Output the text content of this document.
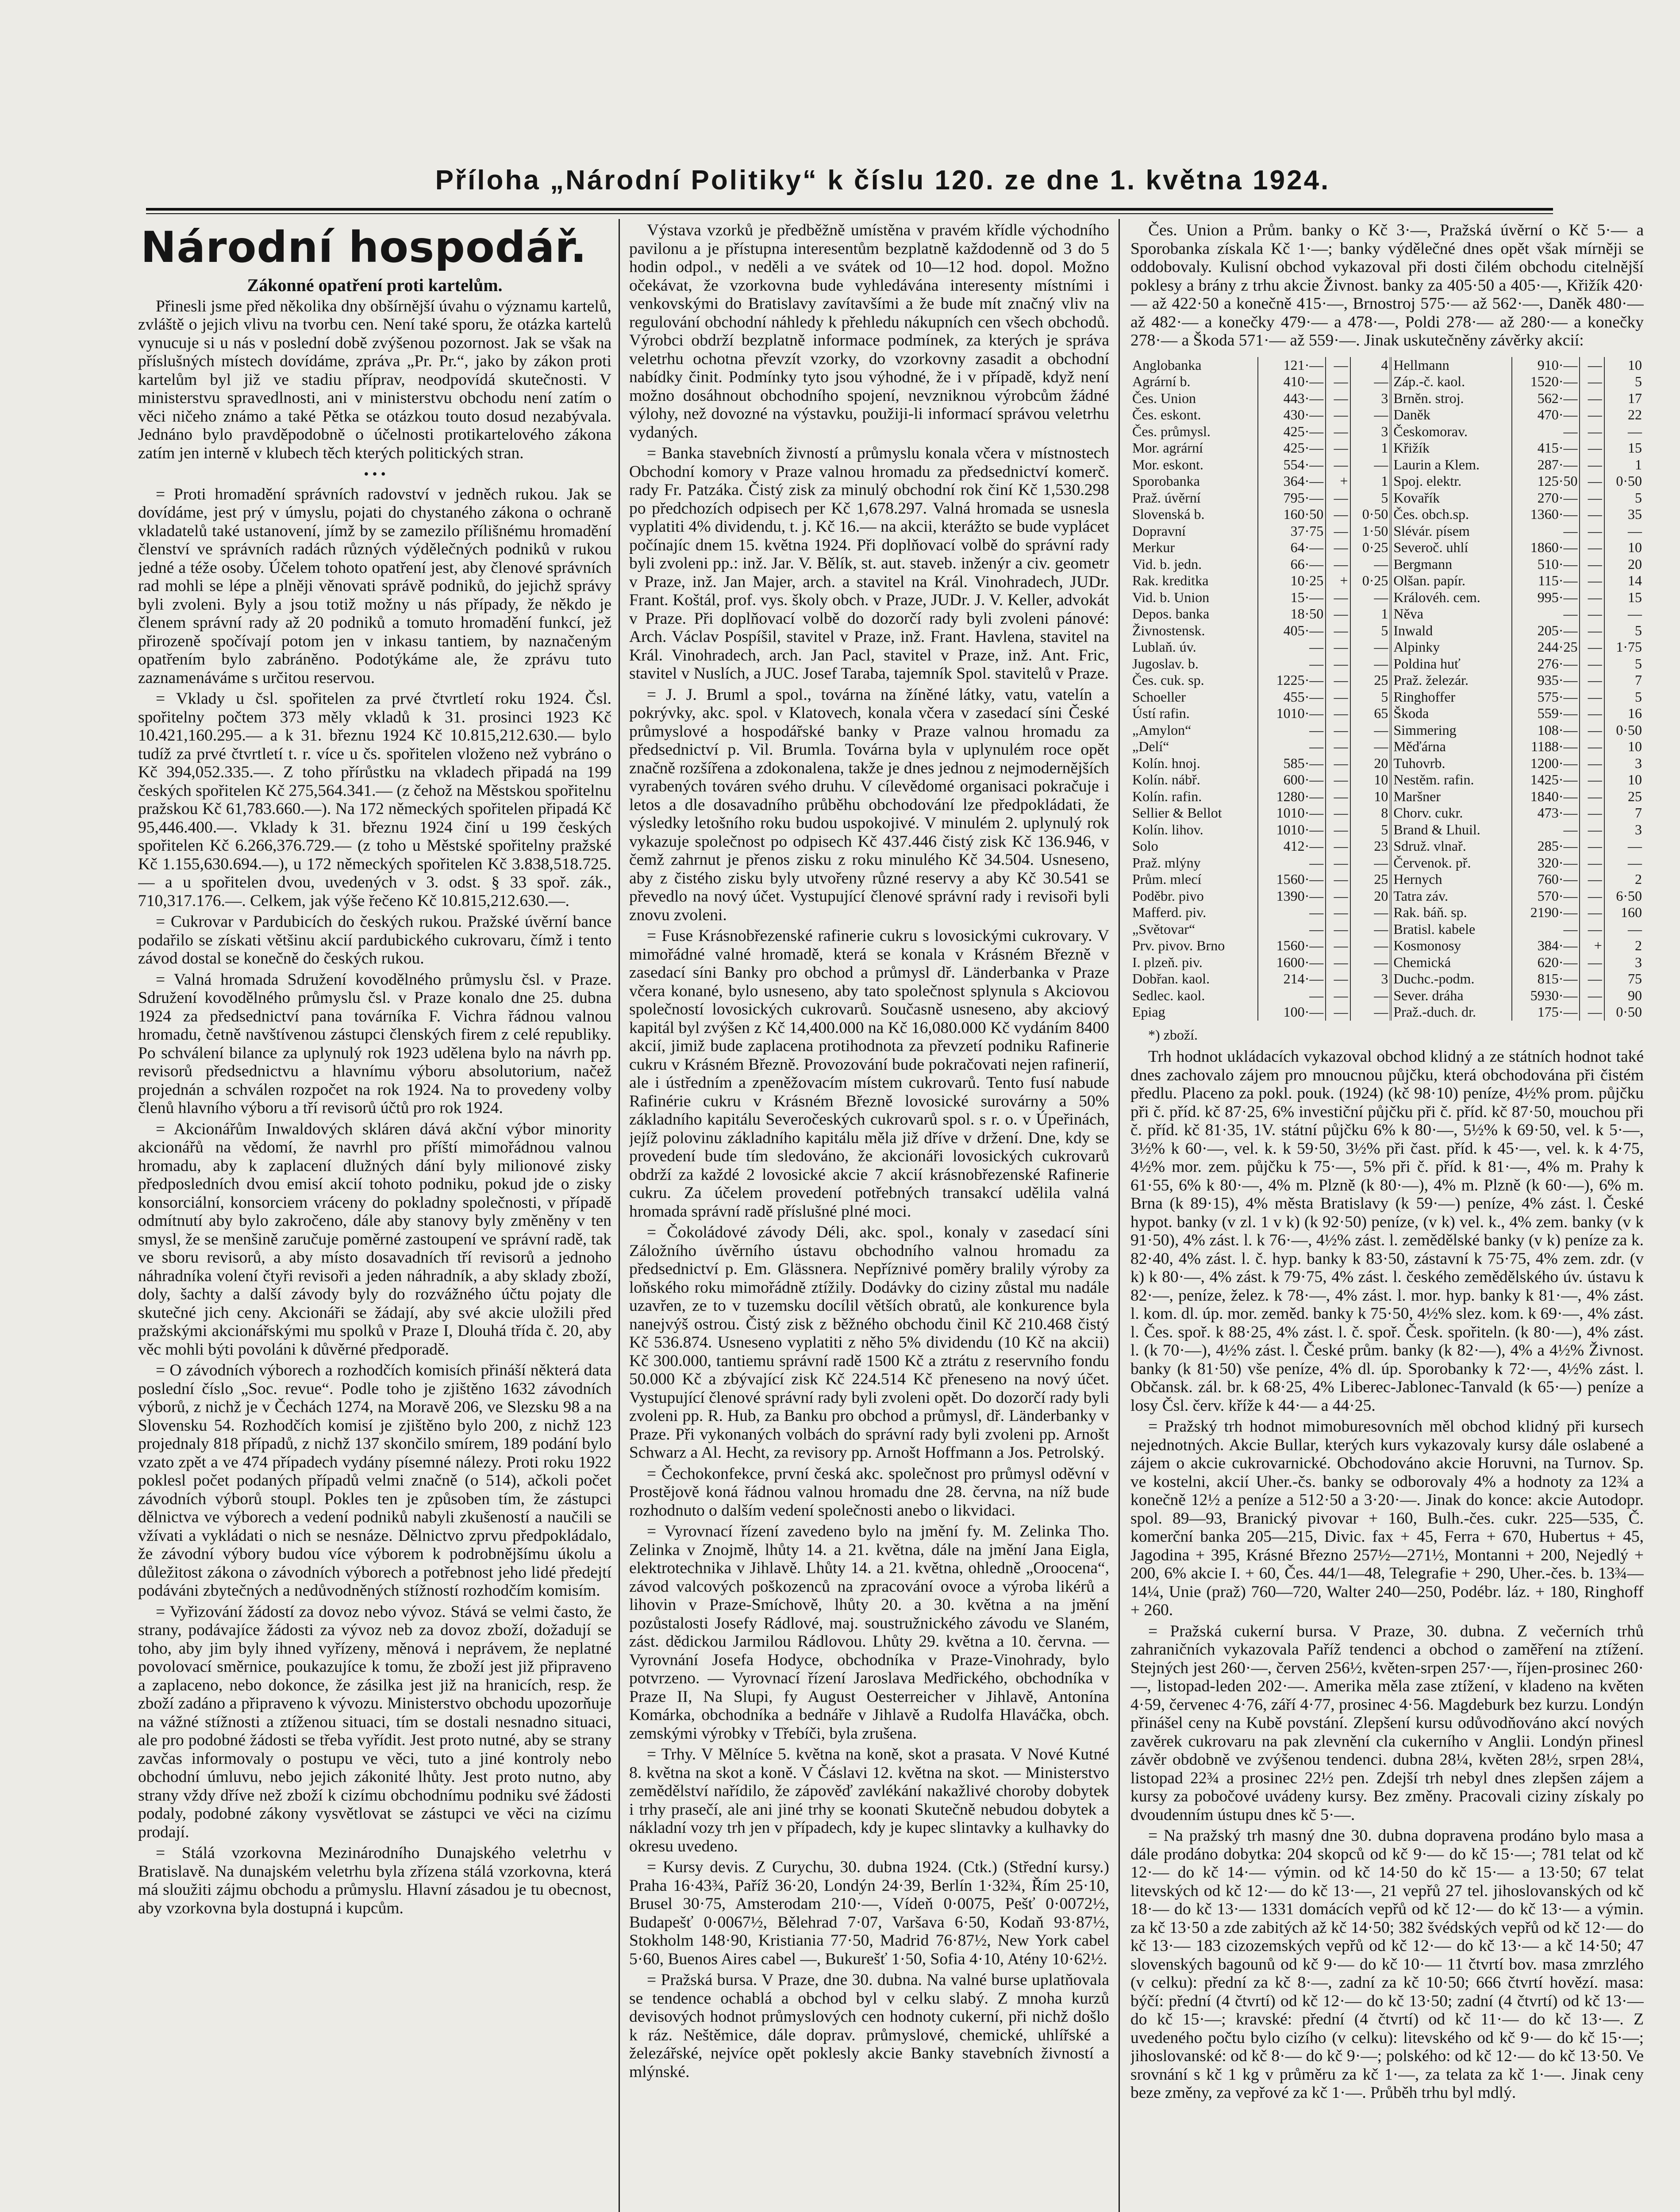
Příloha „Národní Politiky“ k číslu 120. ze dne 1. května 1924.
Národní hospodář.
Zákonné opatření proti kartelům.

Přinesli jsme před několika dny obšírnější úvahu o významu kartelů, zvláště o jejich vlivu na tvorbu cen. Není také sporu, že otázka kartelů vynucuje si u nás v poslední době zvýšenou pozornost. Jak se však na příslušných místech dovídáme, zpráva „Pr. Pr.“, jako by zákon proti kartelům byl již ve stadiu příprav, neodpovídá skutečnosti. V ministerstvu spravedlnosti, ani v ministerstvu obchodu není zatím o věci ničeho známo a také Pětka se otázkou touto dosud nezabývala. Jednáno bylo pravděpodobně o účelnosti protikartelového zákona zatím jen interně v klubech těch kterých politických stran.

• • •

= Proti hromadění správních radovství v jedněch rukou. Jak se dovídáme, jest prý v úmyslu, pojati do chystaného zákona o ochraně vkladatelů také ustanovení, jímž by se zamezilo přílišnému hromadění členství ve správních radách různých výdělečných podniků v rukou jedné a téže osoby. Účelem tohoto opatření jest, aby členové správních rad mohli se lépe a plněji věnovati správě podniků, do jejichž správy byli zvoleni. Byly a jsou totiž možny u nás případy, že někdo je členem správní rady až 20 podniků a tomuto hromadění funkcí, jež přirozeně spočívají potom jen v inkasu tantiem, by naznačeným opatřením bylo zabráněno. Podotýkáme ale, že zprávu tuto zaznamenáváme s určitou reservou.

= Vklady u čsl. spořitelen za prvé čtvrtletí roku 1924. Čsl. spořitelny počtem 373 měly vkladů k 31. prosinci 1923 Kč 10.421,160.295.— a k 31. březnu 1924 Kč 10.815,212.630.— bylo tudíž za prvé čtvrtletí t. r. více u čs. spořitelen vloženo než vybráno o Kč 394,052.335.—. Z toho přírůstku na vkladech připadá na 199 českých spořitelen Kč 275,564.341.— (z čehož na Městskou spořitelnu pražskou Kč 61,783.660.—). Na 172 německých spořitelen připadá Kč 95,446.400.—. Vklady k 31. březnu 1924 činí u 199 českých spořitelen Kč 6.266,376.729.— (z toho u Městské spořitelny pražské Kč 1.155,630.694.—), u 172 německých spořitelen Kč 3.838,518.725.— a u spořitelen dvou, uvedených v 3. odst. § 33 spoř. zák., 710,317.176.—. Celkem, jak výše řečeno Kč 10.815,212.630.—.

= Cukrovar v Pardubicích do českých rukou. Pražské úvěrní bance podařilo se získati většinu akcií pardubického cukrovaru, čímž i tento závod dostal se konečně do českých rukou.

= Valná hromada Sdružení kovodělného průmyslu čsl. v Praze. Sdružení kovodělného průmyslu čsl. v Praze konalo dne 25. dubna 1924 za předsednictví pana továrníka F. Vichra řádnou valnou hromadu, četně navštívenou zástupci členských firem z celé republiky. Po schválení bilance za uplynulý rok 1923 udělena bylo na návrh pp. revisorů předsednictvu a hlavnímu výboru absolutorium, načež projednán a schválen rozpočet na rok 1924. Na to provedeny volby členů hlavního výboru a tří revisorů účtů pro rok 1924.

= Akcionářům Inwaldových skláren dává akční výbor minority akcionářů na vědomí, že navrhl pro příští mimořádnou valnou hromadu, aby k zaplacení dlužných dání byly milionové zisky předposledních dvou emisí akcií tohoto podniku, pokud jde o zisky konsorciální, konsorciem vráceny do pokladny společnosti, v případě odmítnutí aby bylo zakročeno, dále aby stanovy byly změněny v ten smysl, že se menšině zaručuje poměrné zastoupení ve správní radě, tak ve sboru revisorů, a aby místo dosavadních tří revisorů a jednoho náhradníka volení čtyři revisoři a jeden náhradník, a aby sklady zboží, doly, šachty a další závody byly do rozvážného účtu pojaty dle skutečné jich ceny. Akcionáři se žádají, aby své akcie uložili před pražskými akcionářskými mu spolků v Praze I, Dlouhá třída č. 20, aby věc mohli býti povoláni k důvěrné předporadě.

= O závodních výborech a rozhodčích komisích přináší některá data poslední číslo „Soc. revue“. Podle toho je zjištěno 1632 závodních výborů, z nichž je v Čechách 1274, na Moravě 206, ve Slezsku 98 a na Slovensku 54. Rozhodčích komisí je zjištěno bylo 200, z nichž 123 projednaly 818 případů, z nichž 137 skončilo smírem, 189 podání bylo vzato zpět a ve 474 případech vydány písemné nálezy. Proti roku 1922 poklesl počet podaných případů velmi značně (o 514), ačkoli počet závodních výborů stoupl. Pokles ten je způsoben tím, že zástupci dělnictva ve výborech a vedení podniků nabyli zkušeností a naučili se vžívati a vykládati o nich se nesnáze. Dělnictvo zprvu předpokládalo, že závodní výbory budou více výborem k podrobnějšímu úkolu a důležitost zákona o závodních výborech a potřebnost jeho lidé předejtí podáváni zbytečných a nedůvodněných stížností rozhodčím komisím.

= Vyřizování žádostí za dovoz nebo vývoz. Stává se velmi často, že strany, podávajíce žádosti za vývoz neb za dovoz zboží, dožadují se toho, aby jim byly ihned vyřízeny, měnová i neprávem, že neplatné povolovací směrnice, poukazujíce k tomu, že zboží jest již připraveno a zaplaceno, nebo dokonce, že zásilka jest již na hranicích, resp. že zboží zadáno a připraveno k vývozu. Ministerstvo obchodu upozorňuje na vážné stížnosti a ztíženou situaci, tím se dostali nesnadno situaci, ale pro podobné žádosti se třeba vyřídit. Jest proto nutné, aby se strany zavčas informovaly o postupu ve věci, tuto a jiné kontroly nebo obchodní úmluvu, nebo jejich zákonité lhůty. Jest proto nutno, aby strany vždy dříve než zboží k cizímu obchodnímu podniku své žádosti podaly, podobné zákony vysvětlovat se zástupci ve věci na cizímu prodají.

= Stálá vzorkovna Mezinárodního Dunajského veletrhu v Bratislavě. Na dunajském veletrhu byla zřízena stálá vzorkovna, která má sloužiti zájmu obchodu a průmyslu. Hlavní zásadou je tu obecnost, aby vzorkovna byla dostupná i kupcům.

Výstava vzorků je předběžně umístěna v pravém křídle východního pavilonu a je přístupna interesentům bezplatně každodenně od 3 do 5 hodin odpol., v neděli a ve svátek od 10—12 hod. dopol. Možno očekávat, že vzorkovna bude vyhledávána interesenty místními i venkovskými do Bratislavy zavítavšími a že bude mít značný vliv na regulování obchodní náhledy k přehledu nákupních cen všech obchodů. Výrobci obdrží bezplatně informace podmínek, za kterých je správa veletrhu ochotna převzít vzorky, do vzorkovny zasadit a obchodní nabídky činit. Podmínky tyto jsou výhodné, že i v případě, když není možno dosáhnout obchodního spojení, nevzniknou výrobcům žádné výlohy, než dovozné na výstavku, použiji-li informací správou veletrhu vydaných.

= Banka stavebních živností a průmyslu konala včera v místnostech Obchodní komory v Praze valnou hromadu za předsednictví komerč. rady Fr. Patzáka. Čistý zisk za minulý obchodní rok činí Kč 1,530.298 po předchozích odpisech per Kč 1,678.297. Valná hromada se usnesla vyplatiti 4% dividendu, t. j. Kč 16.— na akcii, kterážto se bude vyplácet počínajíc dnem 15. května 1924. Při doplňovací volbě do správní rady byli zvoleni pp.: inž. Jar. V. Bělík, st. aut. staveb. inženýr a civ. geometr v Praze, inž. Jan Majer, arch. a stavitel na Král. Vinohradech, JUDr. Frant. Koštál, prof. vys. školy obch. v Praze, JUDr. J. V. Keller, advokát v Praze. Při doplňovací volbě do dozorčí rady byli zvoleni pánové: Arch. Václav Pospíšil, stavitel v Praze, inž. Frant. Havlena, stavitel na Král. Vinohradech, arch. Jan Pacl, stavitel v Praze, inž. Ant. Fric, stavitel v Nuslích, a JUC. Josef Taraba, tajemník Spol. stavitelů v Praze.

= J. J. Bruml a spol., továrna na žíněné látky, vatu, vatelín a pokrývky, akc. spol. v Klatovech, konala včera v zasedací síni České průmyslové a hospodářské banky v Praze valnou hromadu za předsednictví p. Vil. Brumla. Továrna byla v uplynulém roce opět značně rozšířena a zdokonalena, takže je dnes jednou z nejmodernějších vyrabených továren svého druhu. V cílevědomé organisaci pokračuje i letos a dle dosavadního průběhu obchodování lze předpokládati, že výsledky letošního roku budou uspokojivé. V minulém 2. uplynulý rok vykazuje společnost po odpisech Kč 437.446 čistý zisk Kč 136.946, v čemž zahrnut je přenos zisku z roku minulého Kč 34.504. Usneseno, aby z čistého zisku byly utvořeny různé reservy a aby Kč 30.541 se převedlo na nový účet. Vystupující členové správní rady i revisoři byli znovu zvoleni.

= Fuse Krásnobřezenské rafinerie cukru s lovosickými cukrovary. V mimořádné valné hromadě, která se konala v Krásném Březně v zasedací síni Banky pro obchod a průmysl dř. Länderbanka v Praze včera konané, bylo usneseno, aby tato společnost splynula s Akciovou společností lovosických cukrovarů. Současně usneseno, aby akciový kapitál byl zvýšen z Kč 14,400.000 na Kč 16,080.000 Kč vydáním 8400 akcií, jimiž bude zaplacena protihodnota za převzetí podniku Rafinerie cukru v Krásném Březně. Provozování bude pokračovati nejen rafinerií, ale i ústředním a zpeněžovacím místem cukrovarů. Tento fusí nabude Rafinérie cukru v Krásném Březně lovosické surovárny a 50% základního kapitálu Severočeských cukrovarů spol. s r. o. v Úpeřinách, jejíž polovinu základního kapitálu měla již dříve v držení. Dne, kdy se provedení bude tím sledováno, že akcionáři lovosických cukrovarů obdrží za každé 2 lovosické akcie 7 akcií krásnobřezenské Rafinerie cukru. Za účelem provedení potřebných transakcí udělila valná hromada správní radě příslušné plné moci.

= Čokoládové závody Déli, akc. spol., konaly v zasedací síni Záložního úvěrního ústavu obchodního valnou hromadu za předsednictví p. Em. Glässnera. Nepříznivé poměry bralily výroby za loňského roku mimořádně ztížily. Dodávky do ciziny zůstal mu nadále uzavřen, ze to v tuzemsku docílil větších obratů, ale konkurence byla nanejvýš ostrou. Čistý zisk z běžného obchodu činil Kč 210.468 čistý Kč 536.874. Usneseno vyplatiti z něho 5% dividendu (10 Kč na akcii) Kč 300.000, tantiemu správní radě 1500 Kč a ztrátu z reservního fondu 50.000 Kč a zbývající zisk Kč 224.514 Kč přeneseno na nový účet. Vystupující členové správní rady byli zvoleni opět. Do dozorčí rady byli zvoleni pp. R. Hub, za Banku pro obchod a průmysl, dř. Länderbanky v Praze. Při vykonaných volbách do správní rady byli zvoleni pp. Arnošt Schwarz a Al. Hecht, za revisory pp. Arnošt Hoffmann a Jos. Petrolský.

= Čechokonfekce, první česká akc. společnost pro průmysl oděvní v Prostějově koná řádnou valnou hromadu dne 28. června, na níž bude rozhodnuto o dalším vedení společnosti anebo o likvidaci.

= Vyrovnací řízení zavedeno bylo na jmění fy. M. Zelinka Tho. Zelinka v Znojmě, lhůty 14. a 21. května, dále na jmění Jana Eigla, elektrotechnika v Jihlavě. Lhůty 14. a 21. května, ohledně „Oroocena“, závod valcových poškozenců na zpracování ovoce a výroba likérů a lihovin v Praze-Smíchově, lhůty 20. a 30. května a na jmění pozůstalosti Josefy Rádlové, maj. soustružnického závodu ve Slaném, zást. dědickou Jarmilou Rádlovou. Lhůty 29. května a 10. června. — Vyrovnání Josefa Hodyce, obchodníka v Praze-Vinohrady, bylo potvrzeno. — Vyrovnací řízení Jaroslava Medřického, obchodníka v Praze II, Na Slupi, fy August Oesterreicher v Jihlavě, Antonína Komárka, obchodníka a bednáře v Jihlavě a Rudolfa Hlaváčka, obch. zemskými výrobky v Třebíči, byla zrušena.

= Trhy. V Mělníce 5. května na koně, skot a prasata. V Nové Kutné 8. května na skot a koně. V Čáslavi 12. května na skot. — Ministerstvo zemědělství nařídilo, že zápověď zavlékání nakažlivé choroby dobytek i trhy prasečí, ale ani jiné trhy se koonati Skutečně nebudou dobytek a nákladní vozy trh jen v případech, kdy je kupec slintavky a kulhavky do okresu uvedeno.

= Kursy devis. Z Curychu, 30. dubna 1924. (Ctk.) (Střední kursy.) Praha 16·43¾, Paříž 36·20, Londýn 24·39, Berlín 1·32¾, Řím 25·10, Brusel 30·75, Amsterodam 210·—, Vídeň 0·0075, Pešť 0·0072½, Budapešť 0·0067½, Bělehrad 7·07, Varšava 6·50, Kodaň 93·87½, Stokholm 148·90, Kristiania 77·50, Madrid 76·87½, New York cabel 5·60, Buenos Aires cabel —, Bukurešť 1·50, Sofia 4·10, Atény 10·62½.

= Pražská bursa. V Praze, dne 30. dubna. Na valné burse uplatňovala se tendence ochablá a obchod byl v celku slabý. Z mnoha kurzů devisových hodnot průmyslových cen hodnoty cukerní, při nichž došlo k ráz. Neštěmice, dále doprav. průmyslové, chemické, uhlířské a železářské, nejvíce opět poklesly akcie Banky stavebních živností a mlýnské.

Čes. Union a Prům. banky o Kč 3·—, Pražská úvěrní o Kč 5·— a Sporobanka získala Kč 1·—; banky výdělečné dnes opět však mírněji se oddobovaly. Kulisní obchod vykazoval při dosti čilém obchodu citelnější poklesy a brány z trhu akcie Živnost. banky za 405·50 a 405·—, Křižík 420·— až 422·50 a konečně 415·—, Brnostroj 575·— až 562·—, Daněk 480·— až 482·— a konečky 479·— a 478·—, Poldi 278·— až 280·— a konečky 278·— a Škoda 571·— až 559·—. Jinak uskutečněny závěrky akcií:

Anglobanka	121·—	—	4	Hellmann	910·—	—	10
Agrární b.	410·—	—	—	Záp.-č. kaol.	1520·—	—	5
Čes. Union	443·—	—	3	Brněn. stroj.	562·—	—	17
Čes. eskont.	430·—	—	—	Daněk	470·—	—	22
Čes. průmysl.	425·—	—	3	Českomorav.	—	—	—
Mor. agrární	425·—	—	1	Křižík	415·—	—	15
Mor. eskont.	554·—	—	—	Laurin a Klem.	287·—	—	1
Sporobanka	364·—	+	1	Spoj. elektr.	125·50	—	0·50
Praž. úvěrní	795·—	—	5	Kovařík	270·—	—	5
Slovenská b.	160·50	—	0·50	Čes. obch.sp.	1360·—	—	35
Dopravní	37·75	—	1·50	Slévár. písem	—	—	—
Merkur	64·—	—	0·25	Severoč. uhlí	1860·—	—	10
Vid. b. jedn.	66·—	—	—	Bergmann	510·—	—	20
Rak. kreditka	10·25	+	0·25	Olšan. papír.	115·—	—	14
Vid. b. Union	15·—	—	—	Královéh. cem.	995·—	—	15
Depos. banka	18·50	—	1	Něva	—	—	—
Živnostensk.	405·—	—	5	Inwald	205·—	—	5
Lublaň. úv.	—	—	—	Alpinky	244·25	—	1·75
Jugoslav. b.	—	—	—	Poldina huť	276·—	—	5
Čes. cuk. sp.	1225·—	—	25	Praž. železár.	935·—	—	7
Schoeller	455·—	—	5	Ringhoffer	575·—	—	5
Ústí rafin.	1010·—	—	65	Škoda	559·—	—	16
„Amylon“	—	—	—	Simmering	108·—	—	0·50
„Delí“	—	—	—	Měďárna	1188·—	—	10
Kolín. hnoj.	585·—	—	20	Tuhovrb.	1200·—	—	3
Kolín. nábř.	600·—	—	10	Nestěm. rafin.	1425·—	—	10
Kolín. rafin.	1280·—	—	10	Maršner	1840·—	—	25
Sellier & Bellot	1010·—	—	8	Chorv. cukr.	473·—	—	7
Kolín. lihov.	1010·—	—	5	Brand & Lhuil.	—	—	3
Solo	412·—	—	23	Sdruž. vlnař.	285·—	—	—
Praž. mlýny	—	—	—	Červenok. př.	320·—	—	—
Prům. mlecí	1560·—	—	25	Hernych	760·—	—	2
Poděbr. pivo	1390·—	—	20	Tatra záv.	570·—	—	6·50
Mafferd. piv.	—	—	—	Rak. báň. sp.	2190·—	—	160
„Světovar“	—	—	—	Bratisl. kabele	—	—	—
Prv. pivov. Brno	1560·—	—	—	Kosmonosy	384·—	+	2
I. plzeň. piv.	1600·—	—	—	Chemická	620·—	—	3
Dobřan. kaol.	214·—	—	3	Duchc.-podm.	815·—	—	75
Sedlec. kaol.	—	—	—	Sever. dráha	5930·—	—	90
Epiag	100·—	—	—	Praž.-duch. dr.	175·—	—	0·50
*) zboží.

Trh hodnot ukládacích vykazoval obchod klidný a ze státních hodnot také dnes zachovalo zájem pro mnoucnou půjčku, která obchodována při čistém předlu. Placeno za pokl. pouk. (1924) (kč 98·10) peníze, 4½% prom. půjčku při č. příd. kč 87·25, 6% investiční půjčku při č. příd. kč 87·50, mouchou při č. příd. kč 81·35, 1V. státní půjčku 6% k 80·—, 5½% k 69·50, vel. k 5·—, 3½% k 60·—, vel. k. k 59·50, 3½% při čast. příd. k 45·—, vel. k. k 4·75, 4½% mor. zem. půjčku k 75·—, 5% při č. příd. k 81·—, 4% m. Prahy k 61·55, 6% k 80·—, 4% m. Plzně (k 80·—), 4% m. Plzně (k 60·—), 6% m. Brna (k 89·15), 4% města Bratislavy (k 59·—) peníze, 4% zást. l. České hypot. banky (v zl. 1 v k) (k 92·50) peníze, (v k) vel. k., 4% zem. banky (v k 91·50), 4% zást. l. k 76·—, 4½% zást. l. zemědělské banky (v k) peníze za k. 82·40, 4% zást. l. č. hyp. banky k 83·50, zástavní k 75·75, 4% zem. zdr. (v k) k 80·—, 4% zást. k 79·75, 4% zást. l. českého zemědělského úv. ústavu k 82·—, peníze, želez. k 78·—, 4% zást. l. mor. hyp. banky k 81·—, 4% zást. l. kom. dl. úp. mor. zeměd. banky k 75·50, 4½% slez. kom. k 69·—, 4% zást. l. Čes. spoř. k 88·25, 4% zást. l. č. spoř. Česk. spořiteln. (k 80·—), 4% zást. l. (k 70·—), 4½% zást. l. České prům. banky (k 82·—), 4% a 4½% Živnost. banky (k 81·50) vše peníze, 4% dl. úp. Sporobanky k 72·—, 4½% zást. l. Občansk. zál. br. k 68·25, 4% Liberec-Jablonec-Tanvald (k 65·—) peníze a losy Čsl. červ. kříže k 44·— a 44·25.

= Pražský trh hodnot mimoburesovních měl obchod klidný při kursech nejednotných. Akcie Bullar, kterých kurs vykazovaly kursy dále oslabené a zájem o akcie cukrovarnické. Obchodováno akcie Horuvni, na Turnov. Sp. ve kostelni, akcií Uher.-čs. banky se odborovaly 4% a hodnoty za 12¾ a konečně 12½ a peníze a 512·50 a 3·20·—. Jinak do konce: akcie Autodopr. spol. 89—93, Branický pivovar + 160, Bulh.-čes. cukr. 225—535, Č. komerční banka 205—215, Divic. fax + 45, Ferra + 670, Hubertus + 45, Jagodina + 395, Krásné Březno 257½—271½, Montanni + 200, Nejedlý + 200, 6% akcie I. + 60, Čes. 44/1—48, Telegrafie + 290, Uher.-čes. b. 13¾—14¼, Unie (praž) 760—720, Walter 240—250, Podébr. láz. + 180, Ringhoff + 260.

= Pražská cukerní bursa. V Praze, 30. dubna. Z večerních trhů zahraničních vykazovala Paříž tendenci a obchod o zaměření na ztížení. Stejných jest 260·—, červen 256½, květen-srpen 257·—, říjen-prosinec 260·—, listopad-leden 202·—. Amerika měla zase ztížení, v kladeno na květen 4·59, červenec 4·76, září 4·77, prosinec 4·56. Magdeburk bez kurzu. Londýn přinášel ceny na Kubě povstání. Zlepšení kursu odůvodňováno akcí nových zavěrek cukrovaru na pak zlevnění cla cukerního v Anglii. Londýn přinesl závěr obdobně ve zvýšenou tendenci. dubna 28¼, květen 28½, srpen 28¼, listopad 22¾ a prosinec 22½ pen. Zdejší trh nebyl dnes zlepšen zájem a kursy za pobočové uvádeny kursy. Bez změny. Pracovali ciziny získaly po dvoudenním ústupu dnes kč 5·—.

= Na pražský trh masný dne 30. dubna dopravena prodáno bylo masa a dále prodáno dobytka: 204 skopců od kč 9·— do kč 15·—; 781 telat od kč 12·— do kč 14·— výmin. od kč 14·50 do kč 15·— a 13·50; 67 telat litevských od kč 12·— do kč 13·—, 21 vepřů 27 tel. jihoslovanských od kč 18·— do kč 13·— 1331 domácích vepřů od kč 12·— do kč 13·— a výmin. za kč 13·50 a zde zabitých až kč 14·50; 382 švédských vepřů od kč 12·— do kč 13·— 183 cizozemských vepřů od kč 12·— do kč 13·— a kč 14·50; 47 slovenských bagounů od kč 9·— do kč 10·— 11 čtvrtí bov. masa zmrzlého (v celku): přední za kč 8·—, zadní za kč 10·50; 666 čtvrtí hovězí. masa: býčí: přední (4 čtvrtí) od kč 12·— do kč 13·50; zadní (4 čtvrtí) od kč 13·— do kč 15·—; kravské: přední (4 čtvrtí) od kč 11·— do kč 13·—. Z uvedeného počtu bylo cizího (v celku): litevského od kč 9·— do kč 15·—; jihoslovanské: od kč 8·— do kč 9·—; polského: od kč 12·— do kč 13·50. Ve srovnání s kč 1 kg v průměru za kč 1·—, za telata za kč 1·—. Jinak ceny beze změny, za vepřové za kč 1·—. Průběh trhu byl mdlý.
